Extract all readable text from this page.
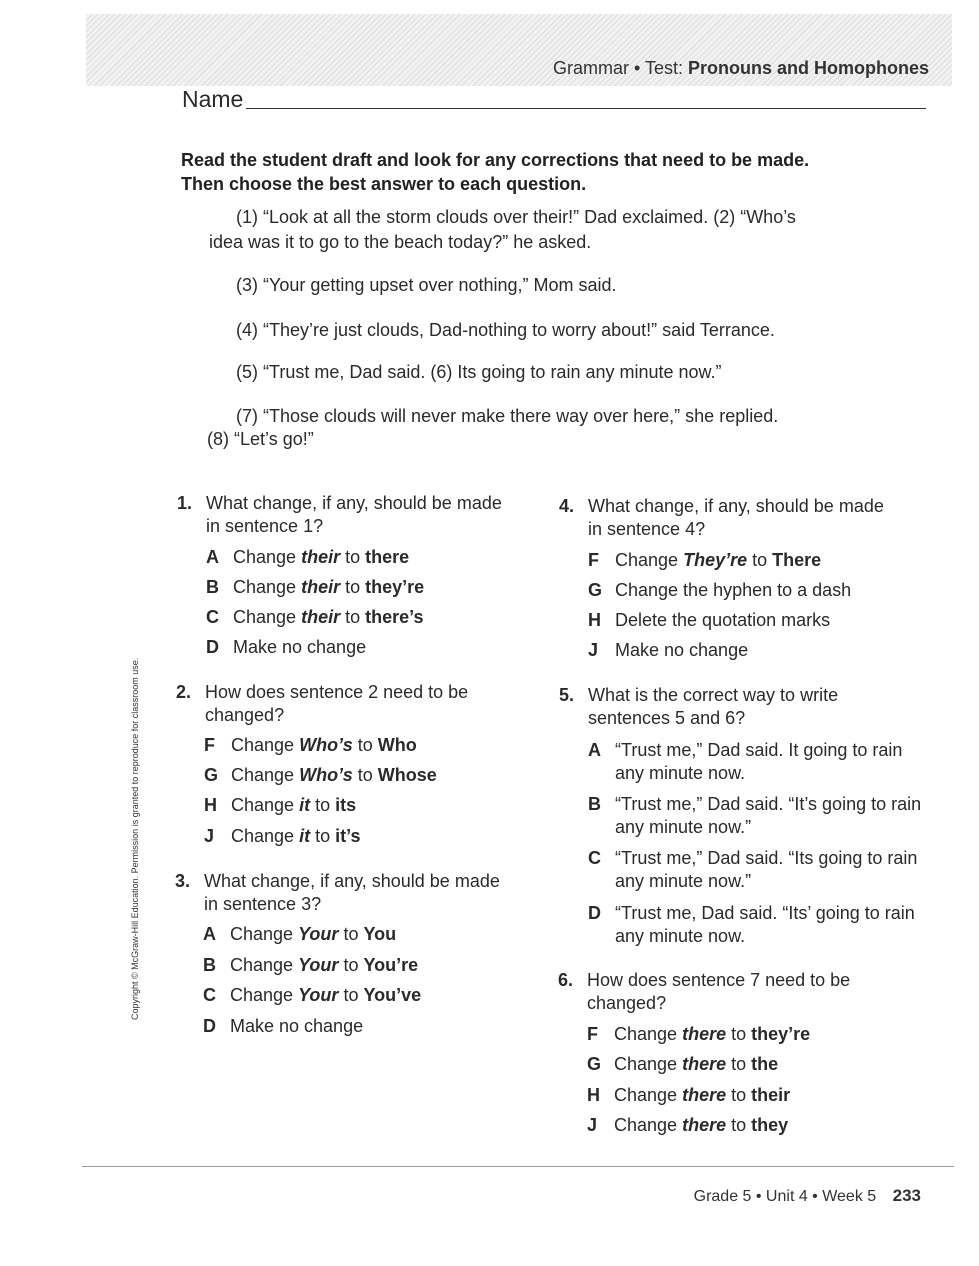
Grammar • Test: Pronouns and Homophones
Name
Read the student draft and look for any corrections that need to be made. Then choose the best answer to each question.
(1) “Look at all the storm clouds over their!” Dad exclaimed. (2) “Who’s
idea was it to go to the beach today?” he asked.
(3) “Your getting upset over nothing,” Mom said.
(4) “They’re just clouds, Dad-nothing to worry about!” said Terrance.
(5) “Trust me, Dad said. (6) Its going to rain any minute now.”
(7) “Those clouds will never make there way over here,” she replied.
(8) “Let’s go!”
1. What change, if any, should be made in sentence 1?
A Change their to there
B Change their to they’re
C Change their to there’s
D Make no change
2. How does sentence 2 need to be changed?
F Change Who’s to Who
G Change Who’s to Whose
H Change it to its
J Change it to it’s
3. What change, if any, should be made in sentence 3?
A Change Your to You
B Change Your to You’re
C Change Your to You’ve
D Make no change
4. What change, if any, should be made in sentence 4?
F Change They’re to There
G Change the hyphen to a dash
H Delete the quotation marks
J Make no change
5. What is the correct way to write sentences 5 and 6?
A “Trust me,” Dad said. It going to rain any minute now.
B “Trust me,” Dad said. “It’s going to rain any minute now.”
C “Trust me,” Dad said. “Its going to rain any minute now.”
D “Trust me, Dad said. “Its’ going to rain any minute now.
6. How does sentence 7 need to be changed?
F Change there to they’re
G Change there to the
H Change there to their
J Change there to they
Copyright © McGraw-Hill Education. Permission is granted to reproduce for classroom use.
Grade 5 • Unit 4 • Week 5 233
